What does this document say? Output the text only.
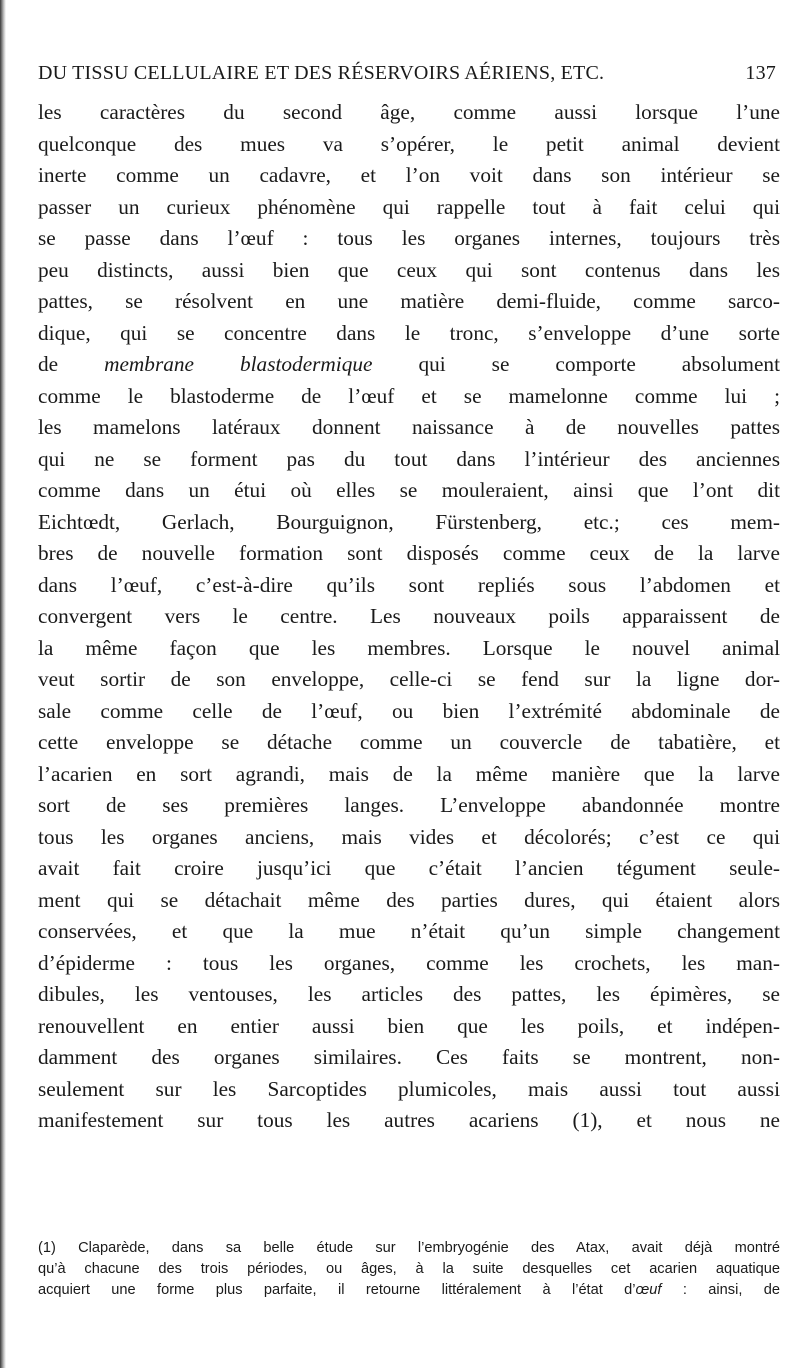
DU TISSU CELLULAIRE ET DES RÉSERVOIRS AÉRIENS, ETC.	137
les caractères du second âge, comme aussi lorsque l’une
quelconque des mues va s’opérer, le petit animal devient
inerte comme un cadavre, et l’on voit dans son intérieur se
passer un curieux phénomène qui rappelle tout à fait celui qui
se passe dans l’œuf : tous les organes internes, toujours très
peu distincts, aussi bien que ceux qui sont contenus dans les
pattes, se résolvent en une matière demi-fluide, comme sarco-
dique, qui se concentre dans le tronc, s’enveloppe d’une sorte
de membrane blastodermique qui se comporte absolument
comme le blastoderme de l’œuf et se mamelonne comme lui ;
les mamelons latéraux donnent naissance à de nouvelles pattes
qui ne se forment pas du tout dans l’intérieur des anciennes
comme dans un étui où elles se mouleraient, ainsi que l’ont dit
Eichtœdt, Gerlach, Bourguignon, Fürstenberg, etc.; ces mem-
bres de nouvelle formation sont disposés comme ceux de la larve
dans l’œuf, c’est-à-dire qu’ils sont repliés sous l’abdomen et
convergent vers le centre. Les nouveaux poils apparaissent de
la même façon que les membres. Lorsque le nouvel animal
veut sortir de son enveloppe, celle-ci se fend sur la ligne dor-
sale comme celle de l’œuf, ou bien l’extrémité abdominale de
cette enveloppe se détache comme un couvercle de tabatière, et
l’acarien en sort agrandi, mais de la même manière que la larve
sort de ses premières langes. L’enveloppe abandonnée montre
tous les organes anciens, mais vides et décolorés; c’est ce qui
avait fait croire jusqu’ici que c’était l’ancien tégument seule-
ment qui se détachait même des parties dures, qui étaient alors
conservées, et que la mue n’était qu’un simple changement
d’épiderme : tous les organes, comme les crochets, les man-
dibules, les ventouses, les articles des pattes, les épimères, se
renouvellent en entier aussi bien que les poils, et indépen-
damment des organes similaires. Ces faits se montrent, non-
seulement sur les Sarcoptides plumicoles, mais aussi tout aussi
manifestement sur tous les autres acariens (1), et nous ne
(1) Claparède, dans sa belle étude sur l’embryogénie des Atax, avait déjà montré
qu’à chacune des trois périodes, ou âges, à la suite desquelles cet acarien aquatique
acquiert une forme plus parfaite, il retourne littéralement à l’état d’œuf : ainsi, de
